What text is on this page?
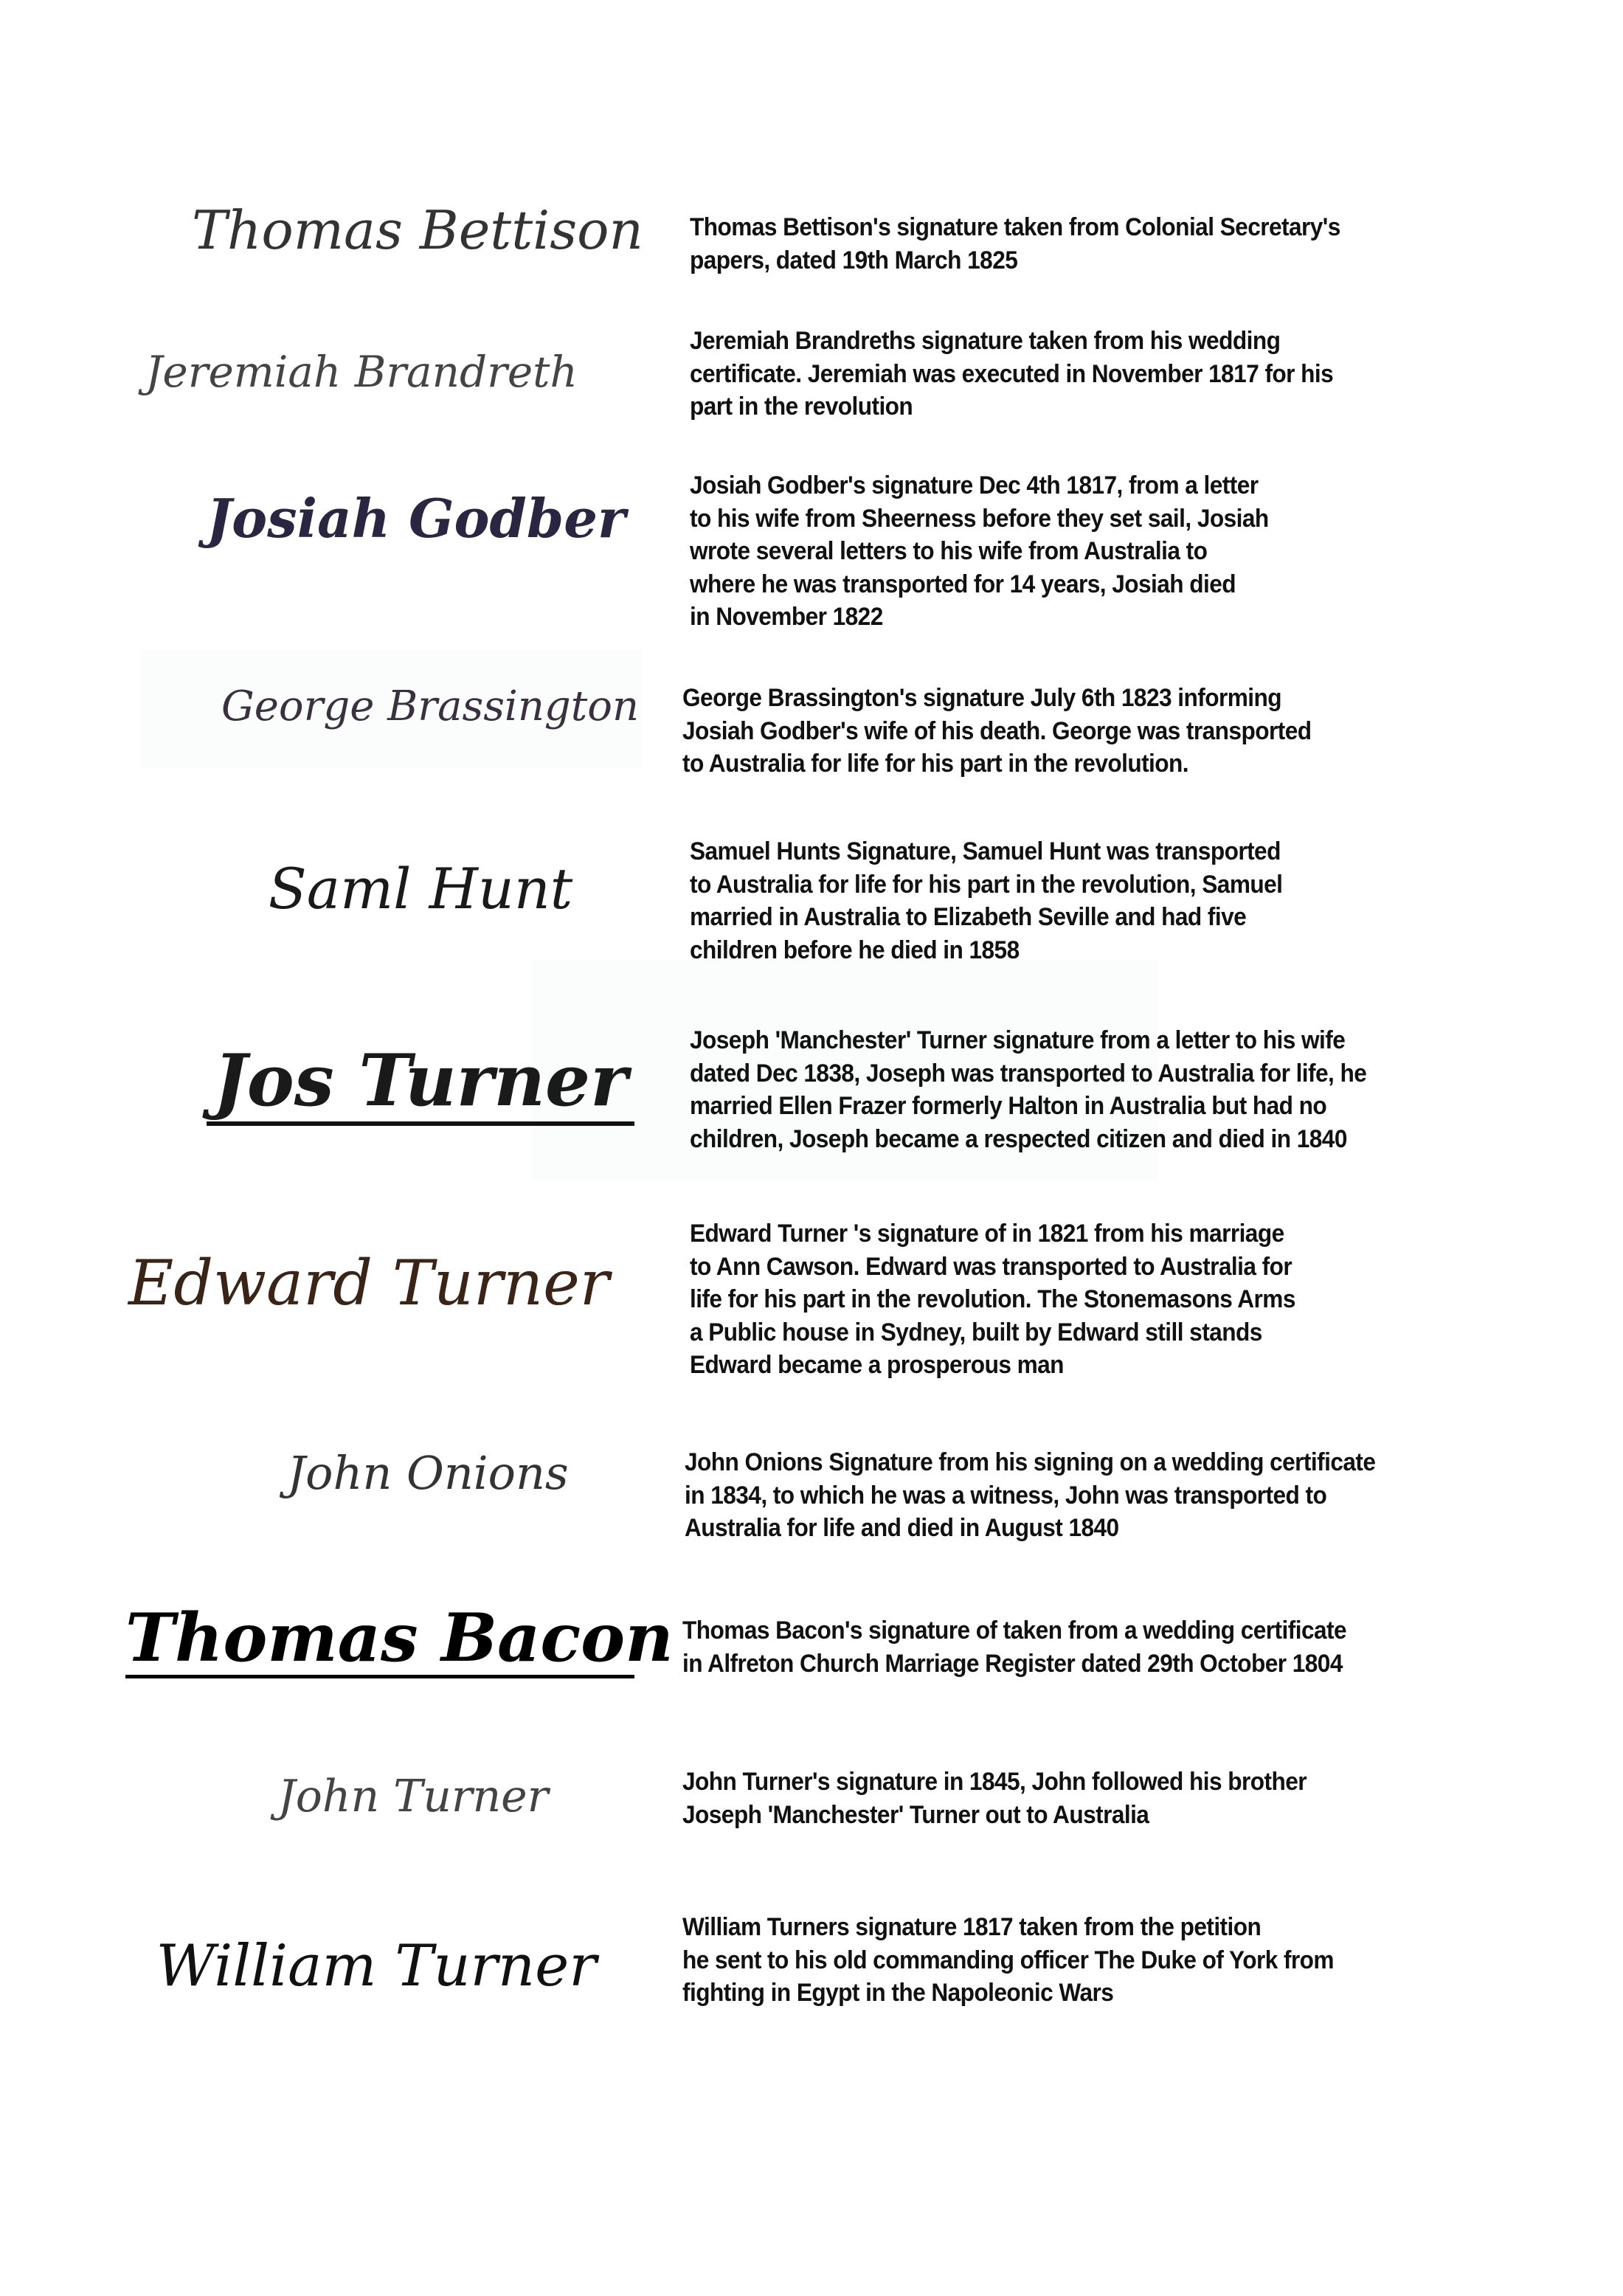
Thomas Bettison Thomas Bettison's signature taken from Colonial Secretary's
papers, dated 19th March 1825
Jeremiah Brandreth
Jeremiah Brandreths signature taken from his wedding
certificate. Jeremiah was executed in November 1817 for his
part in the revolution
Josiah Godber
Josiah Godber's signature Dec 4th 1817, from a letter
to his wife from Sheerness before they set sail, Josiah
wrote several letters to his wife from Australia to
where he was transported for 14 years, Josiah died
in November 1822
George Brassington George Brassington's signature July 6th 1823 informing
Josiah Godber's wife of his death. George was transported
to Australia for life for his part in the revolution.
Saml Hunt
Samuel Hunts Signature, Samuel Hunt was transported
to Australia for life for his part in the revolution, Samuel
married in Australia to Elizabeth Seville and had five
children before he died in 1858
Jos Turner Joseph 'Manchester' Turner signature from a letter to his wife
dated Dec 1838, Joseph was transported to Australia for life, he
married Ellen Frazer formerly Halton in Australia but had no
children, Joseph became a respected citizen and died in 1840
Edward Turner
Edward Turner 's signature of in 1821 from his marriage
to Ann Cawson. Edward was transported to Australia for
life for his part in the revolution. The Stonemasons Arms
a Public house in Sydney, built by Edward still stands
Edward became a prosperous man
John Onions	John Onions Signature from his signing on a wedding certificate
in 1834, to which he was a witness, John was transported to
Australia for life and died in August 1840
Thomas Bacon Thomas Bacon's signature of taken from a wedding certificate
in Alfreton Church Marriage Register dated 29th October 1804
John Turner	John Turner's signature in 1845, John followed his brother
Joseph 'Manchester' Turner out to Australia
William Turner
William Turners signature 1817 taken from the petition
he sent to his old commanding officer The Duke of York from
fighting in Egypt in the Napoleonic Wars
